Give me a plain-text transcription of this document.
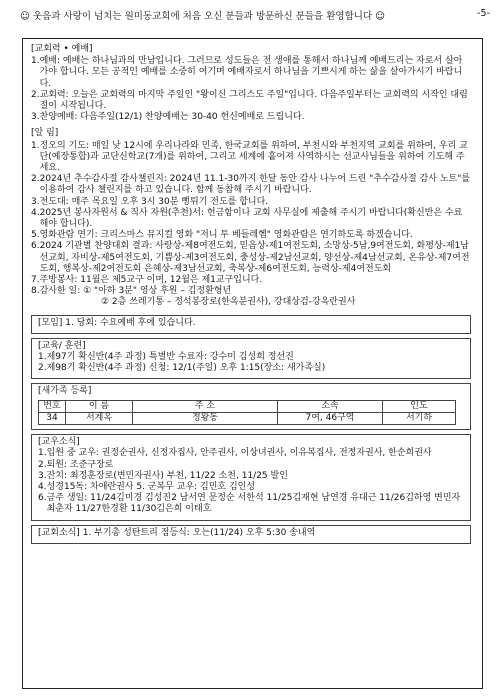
☺ 웃음과 사랑이 넘치는 원미동교회에 처음 오신 분들과 방문하신 분들을 환영합니다 ☺	-5-
[교회력 • 예배]
1. 예배: 예배는 하나님과의 만남입니다. 그러므로 성도들은 전 생애를 통해서 하나님께 예배드리는 자로서 살아가야 합니다. 모든 공적인 예배를 소중히 여기며 예배자로서 하나님을 기쁘시게 하는 삶을 살아가시기 바랍니다.
2. 교회력: 오늘은 교회력의 마지막 주일인 "왕이신 그리스도 주일"입니다. 다음주일부터는 교회력의 시작인 대림절이 시작됩니다.
3. 찬양예배: 다음주일(12/1) 찬양예배는 30-40 헌신예배로 드립니다.
[알 림]
1. 정오의 기도: 매일 낮 12시에 우리나라와 민족, 한국교회를 위하여, 부천시와 부천지역 교회를 위하여, 우리 교단(예장통합)과 교단신학교(7개)를 위하여, 그리고 세계에 흩어져 사역하시는 선교사님들을 위하여 기도해 주세요.
2. 2024년 추수감사절 감사챌린지: 2024년 11.1-30까지 한달 동안 감사 나누어 드린 "추수감사절 감사 노트"를 이용하여 감사 챌린지를 하고 있습니다. 함께 동참해 주시기 바랍니다.
3. 전도대: 매주 목요일 오후 3시 30분 뻥튀기 전도를 합니다.
4. 2025년 봉사자원서 & 직사 자원(추천)서: 헌금함이나 교회 사무실에 제출해 주시기 바랍니다(확신반은 수료해야 합니다).
5. 영화관람 연기: 크리스마스 뮤지컬 영화 "저니 투 베들레헴" 영화관람은 연기하도록 하겠습니다.
6. 2024 기관별 찬양대회 결과: 사랑상-제8여전도회, 믿음상-제1여전도회, 소망상-5남,9여전도회, 화평상-제1남선교회, 자비상-제5여전도회, 기쁨상-제3여전도회, 충성상-제2남선교회, 양선상-제4남선교회, 온유상-제7여전도회, 행복상-제2여전도회 은혜상-제3남선교회, 축복상-제6여전도회, 능력상-제4여전도회
7. 주방봉사: 11월은 제5교구 이며, 12월은 제1교구입니다.
8. 감사한 일: ① "아하 3분" 영상 후원 – 김정환형년
② 2층 쓰레기통 – 정석봉장로(한옥분권사), 강대상검-강옥란권사
[모임] 1. 당회: 수요예배 후에 있습니다.
[교육/ 훈련]
1. 제97기 확신반(4주 과정) 특별반 수료자: 강수미 김성희 정선진
2. 제98기 확신반(4주 과정) 신청: 12/1(주일) 오후 1:15(장소: 새가족실)
[새가족 등록]
번호	이 름	주 소	소속	인도
34	서계옥	정왕동	7여, 46구역	서기하
[교우소식]
1. 입원 중 교우: 권정순권사, 신정자집사, 안주권사, 이상녀권사, 이유복집사, 전정자권사, 한순희권사
2. 퇴원: 조준구장로
3. 잔치: 최정훈장로(변민자권사) 부천, 11/22 소천, 11/25 발인
4. 성경15독: 차애란권사 5. 군복무 교우: 김민호 김인성
6. 금주 생일: 11/24김미경 김성진2 남서연 문정순 서한석 11/25김재현 남연경 유대근 11/26김하영 변민자 최춘자 11/27한경환 11/30김은희 이태호
[교회소식] 1. 부기총 성탄트리 점등식: 오는(11/24) 오후 5:30 송내역
